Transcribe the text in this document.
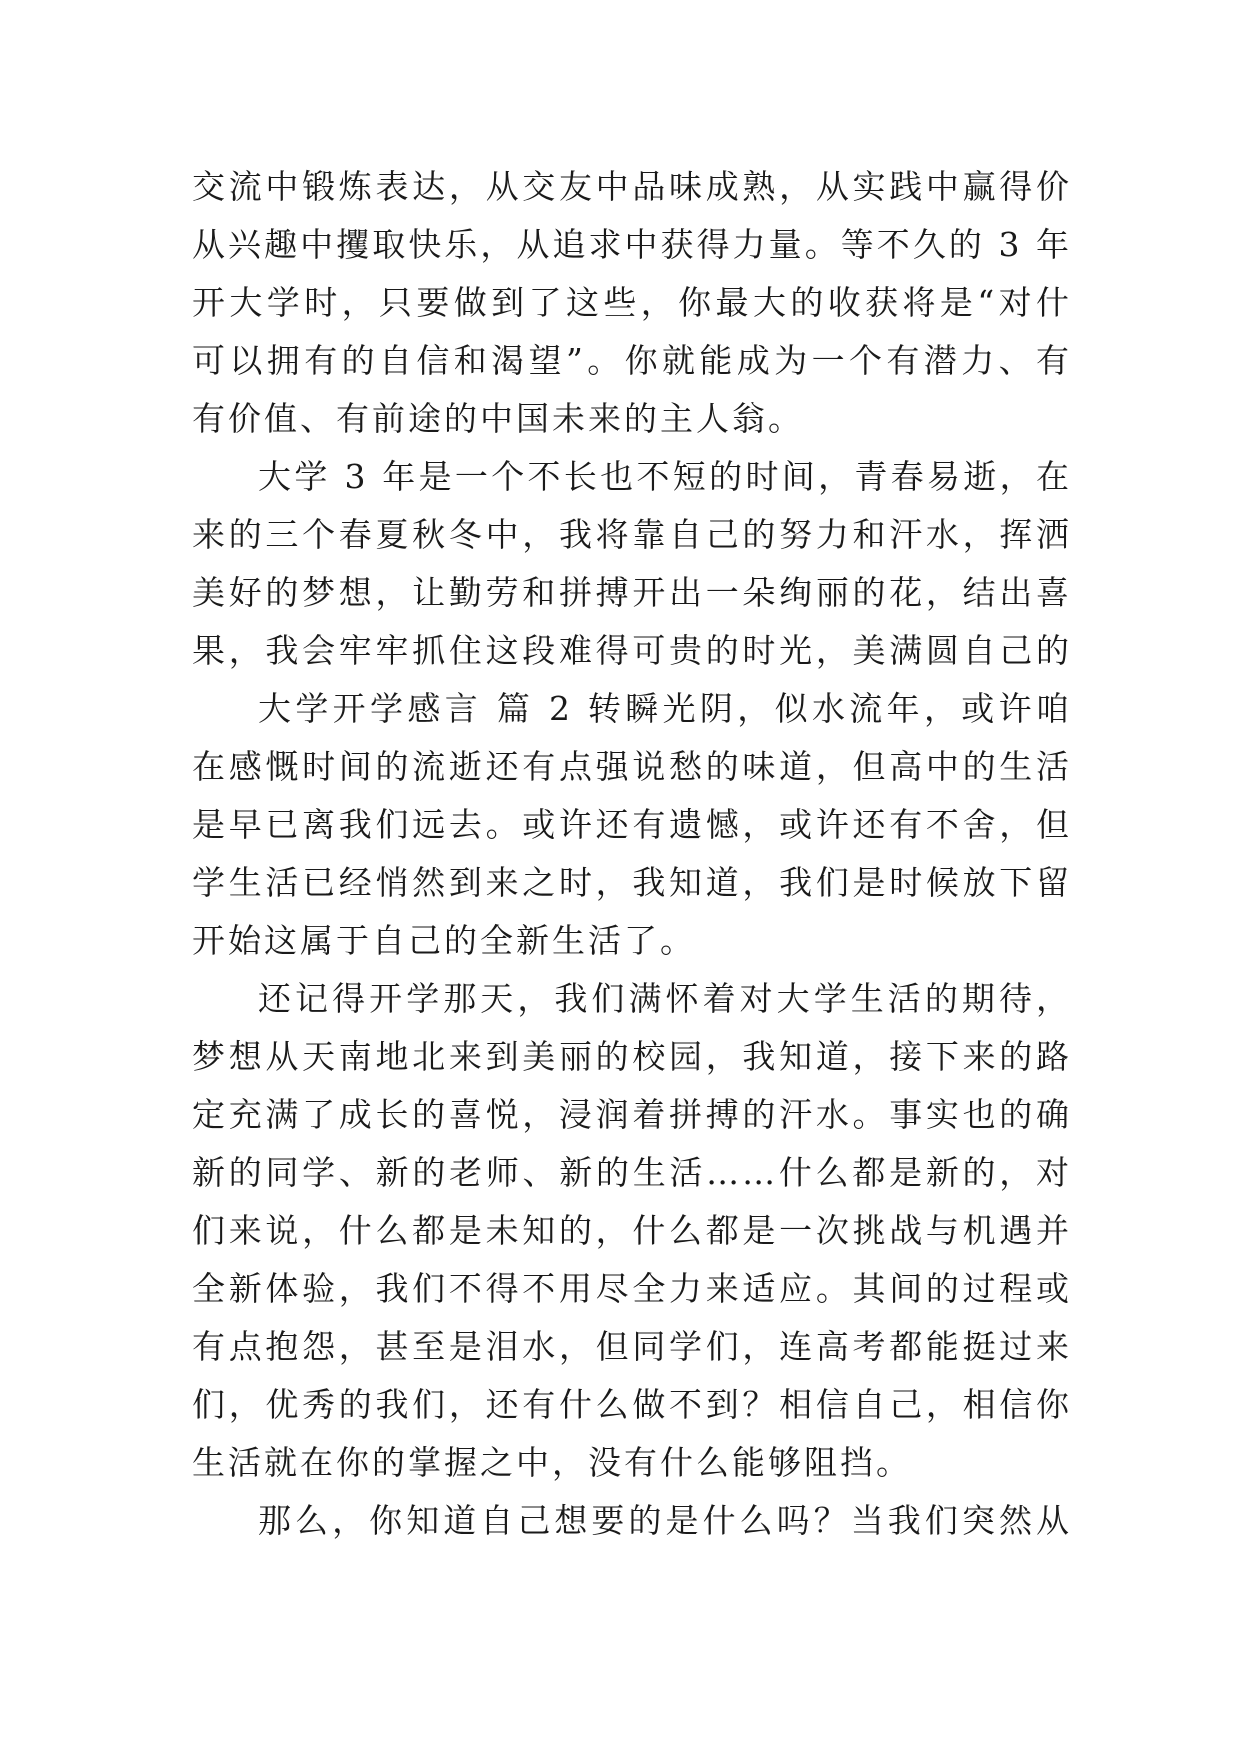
交流中锻炼表达，从交友中品味成熟，从实践中赢得价
从兴趣中攫取快乐，从追求中获得力量。等不久的 3 年
开大学时，只要做到了这些，你最大的收获将是“对什
可以拥有的自信和渴望”。你就能成为一个有潜力、有
有价值、有前途的中国未来的主人翁。
大学 3 年是一个不长也不短的时间，青春易逝，在
来的三个春夏秋冬中，我将靠自己的努力和汗水，挥洒
美好的梦想，让勤劳和拼搏开出一朵绚丽的花，结出喜
果，我会牢牢抓住这段难得可贵的时光，美满圆自己的
大学开学感言 篇 2 转瞬光阴，似水流年，或许咱
在感慨时间的流逝还有点强说愁的味道，但高中的生活
是早已离我们远去。或许还有遗憾，或许还有不舍，但
学生活已经悄然到来之时，我知道，我们是时候放下留
开始这属于自己的全新生活了。
还记得开学那天，我们满怀着对大学生活的期待，
梦想从天南地北来到美丽的校园，我知道，接下来的路
定充满了成长的喜悦，浸润着拼搏的汗水。事实也的确
新的同学、新的老师、新的生活……什么都是新的，对
们来说，什么都是未知的，什么都是一次挑战与机遇并
全新体验，我们不得不用尽全力来适应。其间的过程或
有点抱怨，甚至是泪水，但同学们，连高考都能挺过来
们，优秀的我们，还有什么做不到？相信自己，相信你
生活就在你的掌握之中，没有什么能够阻挡。
那么，你知道自己想要的是什么吗？当我们突然从
